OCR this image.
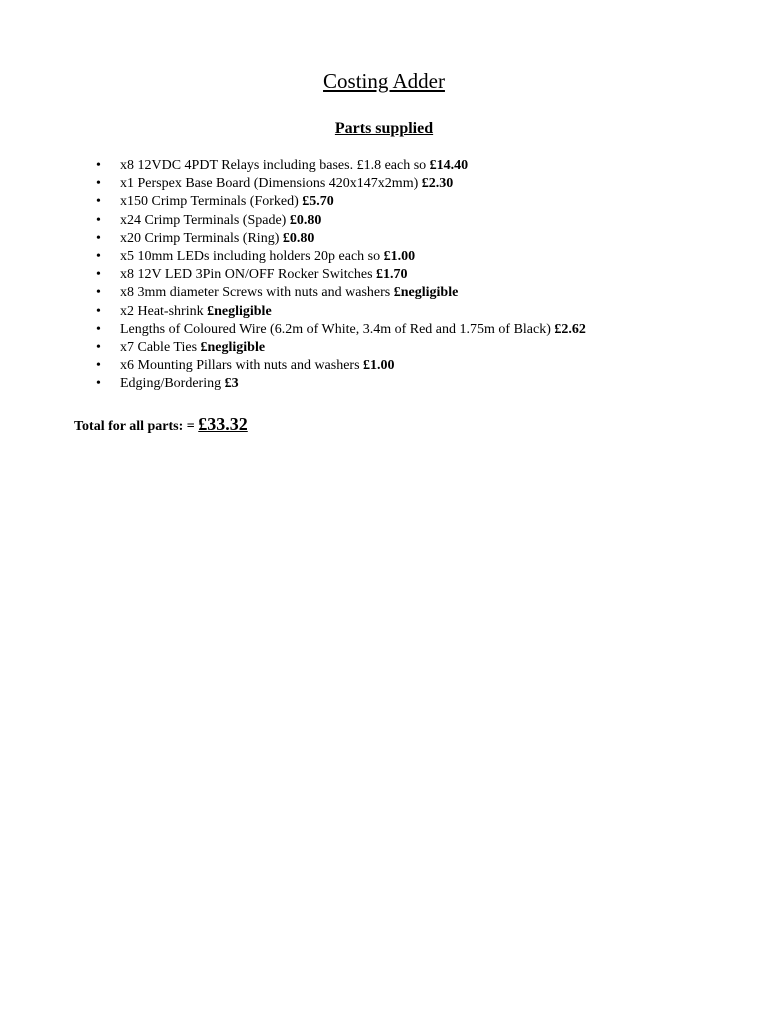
Costing Adder
Parts supplied
•	x8 12VDC 4PDT Relays including bases. £1.8 each so £14.40
•	x1 Perspex Base Board (Dimensions 420x147x2mm) £2.30
•	x150 Crimp Terminals (Forked) £5.70
•	x24 Crimp Terminals (Spade) £0.80
•	x20 Crimp Terminals (Ring) £0.80
•	x5 10mm LEDs including holders 20p each so £1.00
•	x8 12V LED 3Pin ON/OFF Rocker Switches £1.70
•	x8 3mm diameter Screws with nuts and washers £negligible
•	x2 Heat-shrink £negligible
•	Lengths of Coloured Wire (6.2m of White, 3.4m of Red and 1.75m of Black) £2.62
•	x7 Cable Ties £negligible
•	x6 Mounting Pillars with nuts and washers £1.00
•	Edging/Bordering £3
Total for all parts: = £33.32
